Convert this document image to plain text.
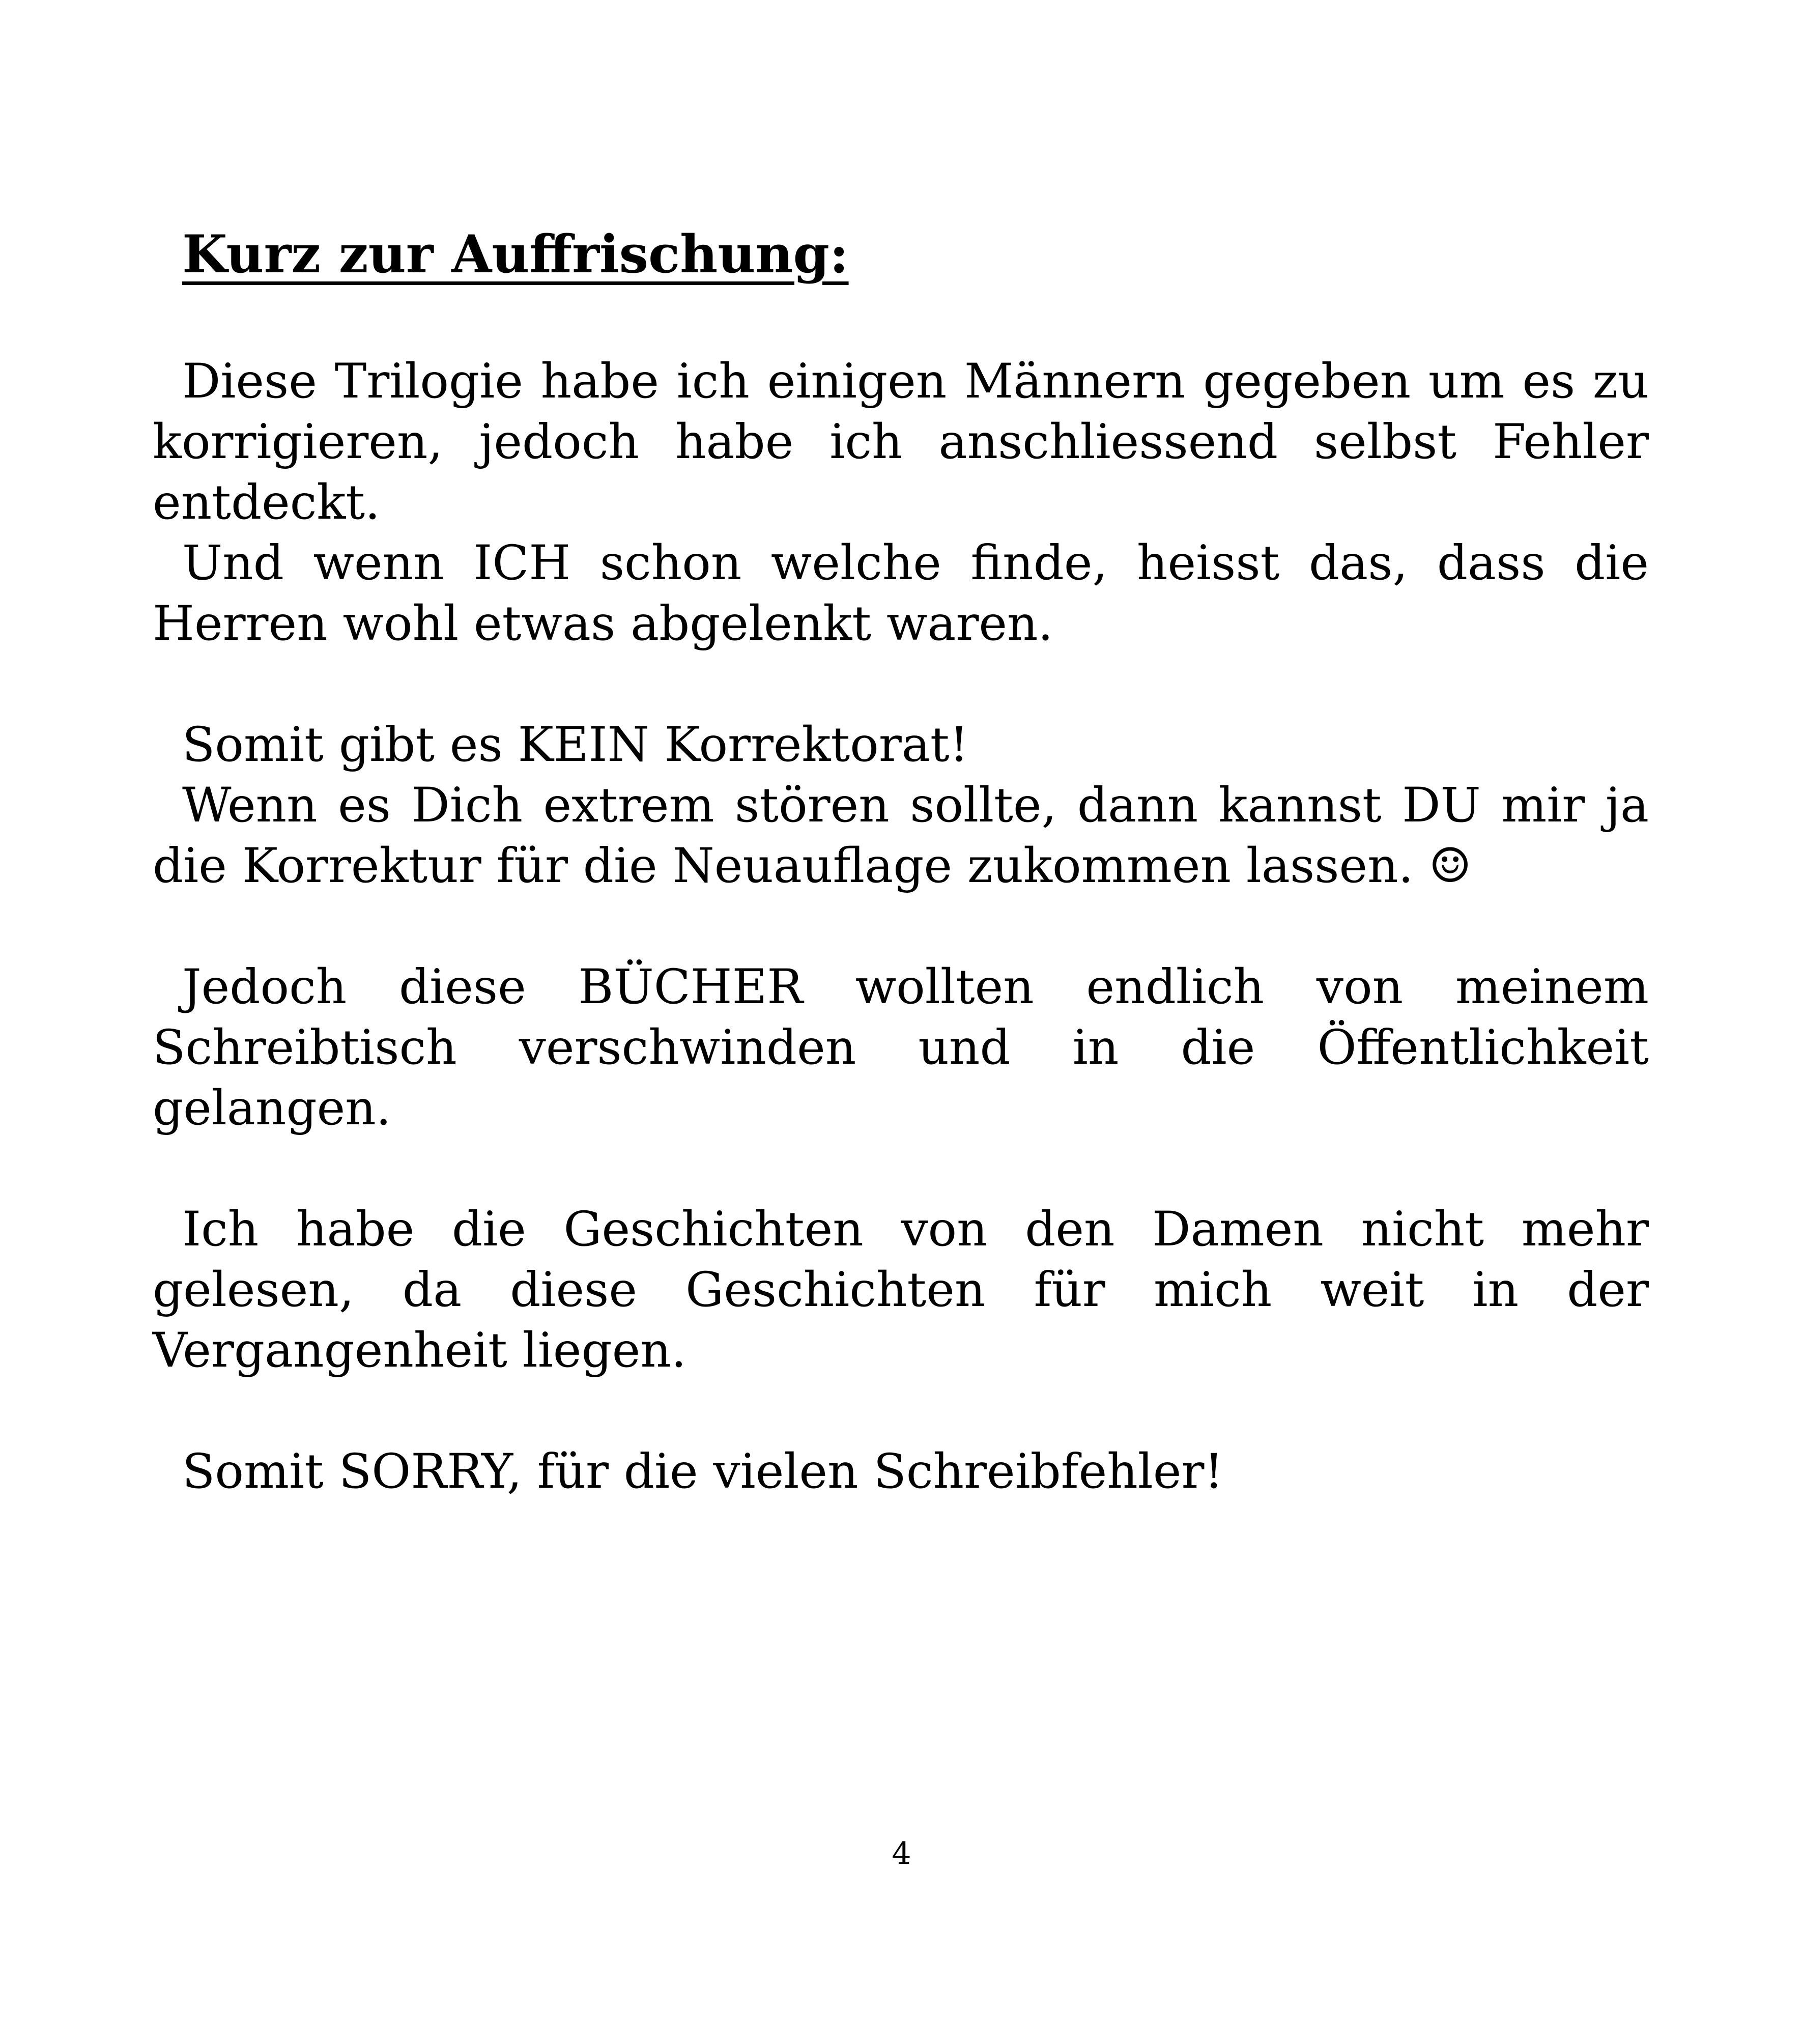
Kurz zur Auffrischung:

Diese Trilogie habe ich einigen Männern gegeben um es zu korrigieren, jedoch habe ich anschliessend selbst Fehler entdeckt.

Und wenn ICH schon welche finde, heisst das, dass die Herren wohl etwas abgelenkt waren.

Somit gibt es KEIN Korrektorat!

Wenn es Dich extrem stören sollte, dann kannst DU mir ja die Korrektur für die Neuauflage zukommen lassen. ☺

Jedoch diese BÜCHER wollten endlich von meinem Schreibtisch verschwinden und in die Öffentlichkeit gelangen.

Ich habe die Geschichten von den Damen nicht mehr gelesen, da diese Geschichten für mich weit in der Vergangenheit liegen.

Somit SORRY, für die vielen Schreibfehler!

4
